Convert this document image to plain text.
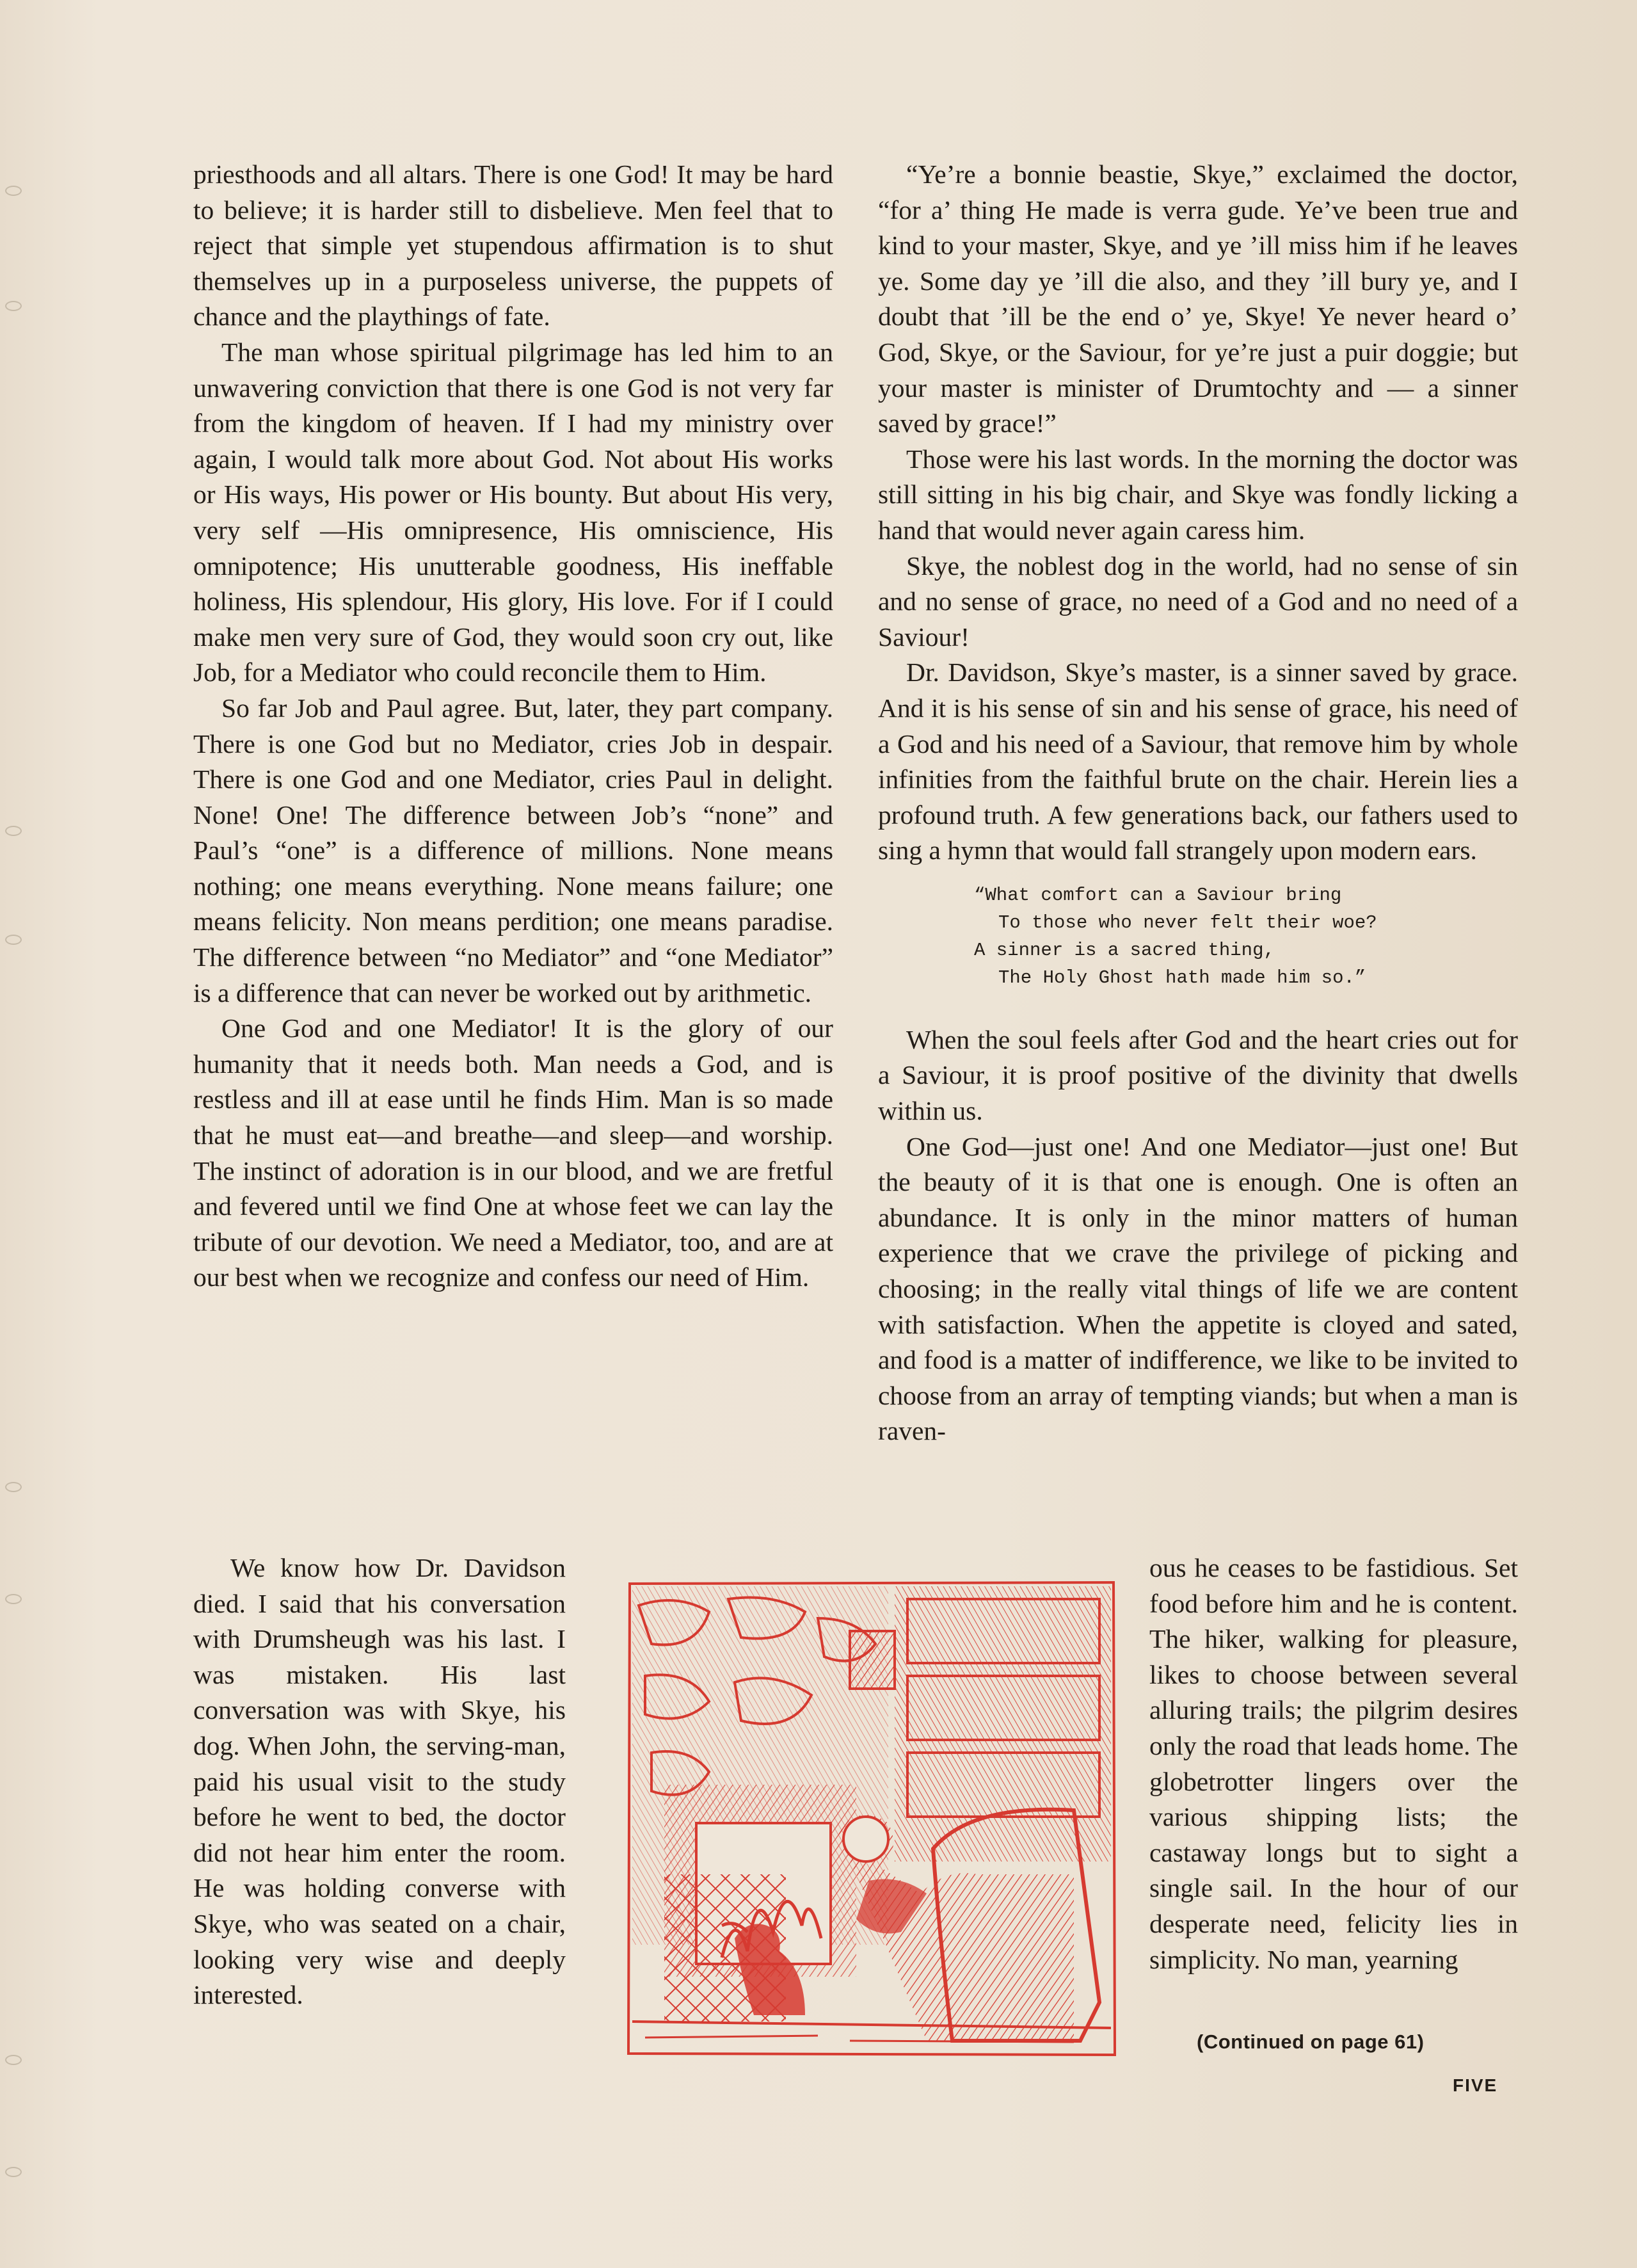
priesthoods and all altars. There is one God! It may be hard to believe; it is harder still to disbelieve. Men feel that to reject that simple yet stupendous affirmation is to shut themselves up in a purposeless universe, the puppets of chance and the playthings of fate.

The man whose spiritual pilgrimage has led him to an unwavering conviction that there is one God is not very far from the kingdom of heaven. If I had my ministry over again, I would talk more about God. Not about His works or His ways, His power or His bounty. But about His very, very self —His omnipresence, His omniscience, His omnipotence; His unutterable goodness, His ineffable holiness, His splendour, His glory, His love. For if I could make men very sure of God, they would soon cry out, like Job, for a Mediator who could reconcile them to Him.

So far Job and Paul agree. But, later, they part company. There is one God but no Mediator, cries Job in despair. There is one God and one Mediator, cries Paul in delight. None! One! The difference between Job’s “none” and Paul’s “one” is a difference of millions. None means nothing; one means everything. None means failure; one means felicity. Non means perdition; one means paradise. The difference between “no Mediator” and “one Mediator” is a difference that can never be worked out by arithmetic.

One God and one Mediator! It is the glory of our humanity that it needs both. Man needs a God, and is restless and ill at ease until he finds Him. Man is so made that he must eat—and breathe—and sleep—and worship. The instinct of adoration is in our blood, and we are fretful and fevered until we find One at whose feet we can lay the tribute of our devotion. We need a Mediator, too, and are at our best when we recognize and confess our need of Him.

We know how Dr. Davidson died. I said that his conversation with Drumsheugh was his last. I was mistaken. His last conversation was with Skye, his dog. When John, the serving-man, paid his usual visit to the study before he went to bed, the doctor did not hear him enter the room. He was holding converse with Skye, who was seated on a chair, looking very wise and deeply interested.

“Ye’re a bonnie beastie, Skye,” exclaimed the doctor, “for a’ thing He made is verra gude. Ye’ve been true and kind to your master, Skye, and ye ’ill miss him if he leaves ye. Some day ye ’ill die also, and they ’ill bury ye, and I doubt that ’ill be the end o’ ye, Skye! Ye never heard o’ God, Skye, or the Saviour, for ye’re just a puir doggie; but your master is minister of Drumtochty and — a sinner saved by grace!”

Those were his last words. In the morning the doctor was still sitting in his big chair, and Skye was fondly licking a hand that would never again caress him.

Skye, the noblest dog in the world, had no sense of sin and no sense of grace, no need of a God and no need of a Saviour!

Dr. Davidson, Skye’s master, is a sinner saved by grace. And it is his sense of sin and his sense of grace, his need of a God and his need of a Saviour, that remove him by whole infinities from the faithful brute on the chair. Herein lies a profound truth. A few generations back, our fathers used to sing a hymn that would fall strangely upon modern ears.

“What comfort can a Saviour bring
To those who never felt their woe?
A sinner is a sacred thing,
The Holy Ghost hath made him so.”

When the soul feels after God and the heart cries out for a Saviour, it is proof positive of the divinity that dwells within us.

One God—just one! And one Mediator—just one! But the beauty of it is that one is enough. One is often an abundance. It is only in the minor matters of human experience that we crave the privilege of picking and choosing; in the really vital things of life we are content with satisfaction. When the appetite is cloyed and sated, and food is a matter of indifference, we like to be invited to choose from an array of tempting viands; but when a man is raven-

ous he ceases to be fastidious. Set food before him and he is content. The hiker, walking for pleasure, likes to choose between several alluring trails; the pilgrim desires only the road that leads home. The globetrotter lingers over the various shipping lists; the castaway longs but to sight a single sail. In the hour of our desperate need, felicity lies in simplicity. No man, yearning

(Continued on page 61)
FIVE
